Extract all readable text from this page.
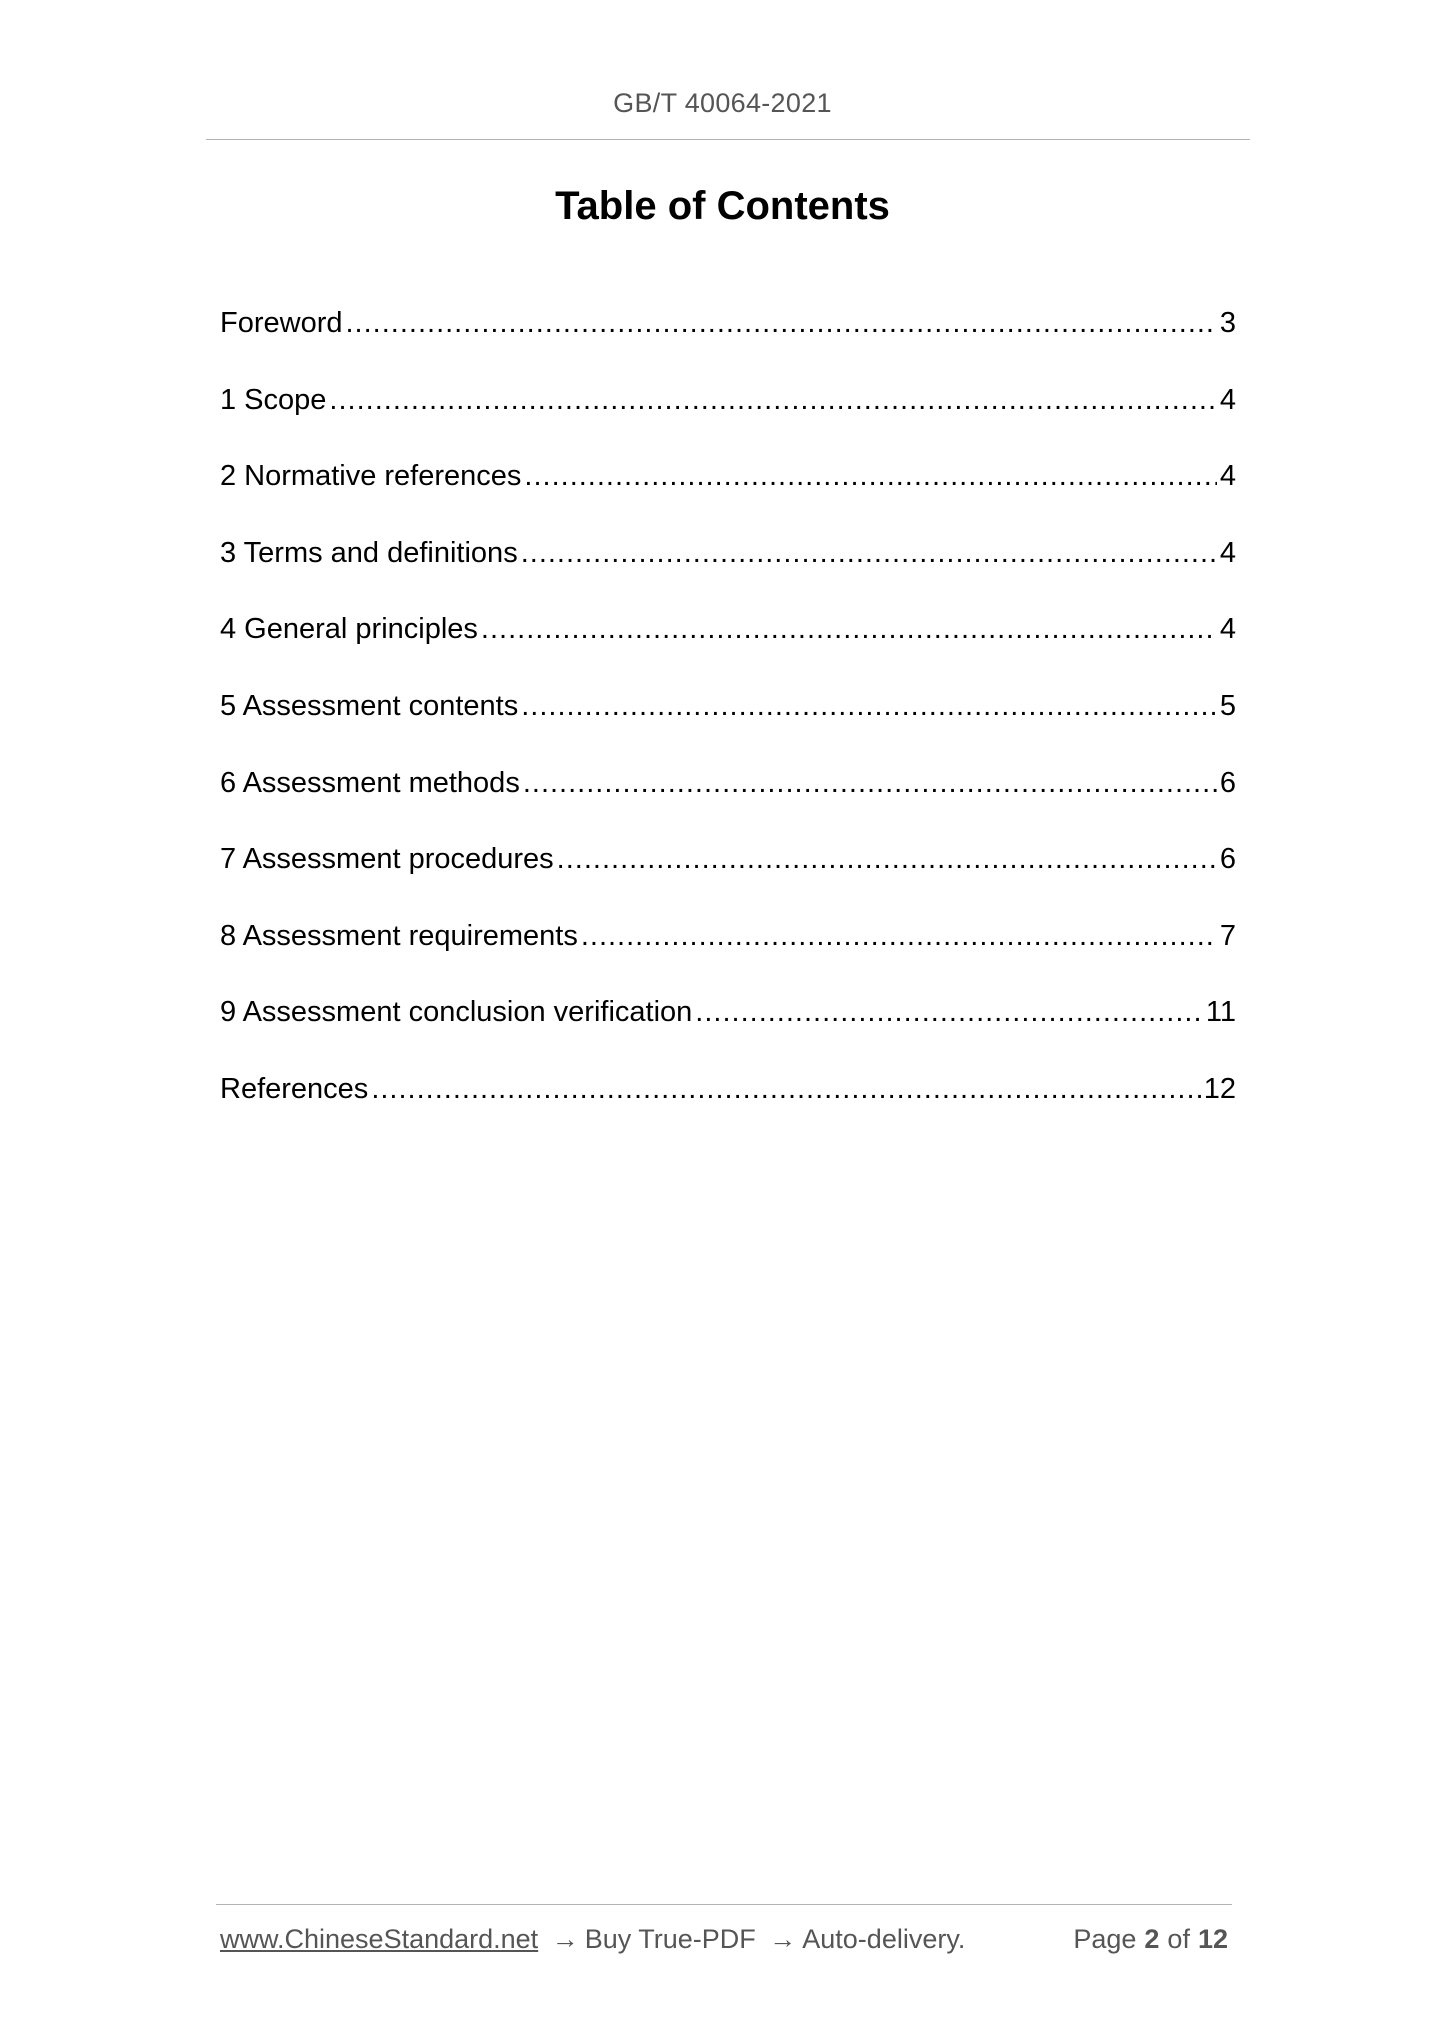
GB/T 40064-2021
Table of Contents
Foreword .....	3
1 Scope .....	4
2 Normative references .....	4
3 Terms and definitions .....	4
4 General principles .....	4
5 Assessment contents .....	5
6 Assessment methods .....	6
7 Assessment procedures .....	6
8 Assessment requirements .....	7
9 Assessment conclusion verification .....	11
References .....	12
www.ChineseStandard.net → Buy True-PDF → Auto-delivery.	Page 2 of 12
